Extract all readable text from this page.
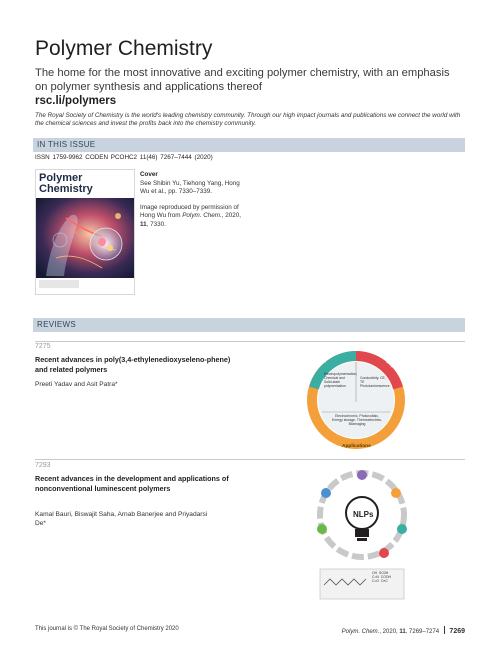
Polymer Chemistry
The home for the most innovative and exciting polymer chemistry, with an emphasis on polymer synthesis and applications thereof
rsc.li/polymers
The Royal Society of Chemistry is the world's leading chemistry community. Through our high impact journals and publications we connect the world with the chemical sciences and invest the profits back into the chemistry community.
IN THIS ISSUE
ISSN 1759-9962 CODEN PCOHC2 11(46) 7267–7444 (2020)
Polymer Chemistry
Cover
See Shibin Yu, Tiehong Yang, Hong Wu et al., pp. 7330–7339.
Image reproduced by permission of Hong Wu from Polym. Chem., 2020, 11, 7330.
REVIEWS
7275
Recent advances in poly(3,4-ethylenedioxyseleno-phene) and related polymers
Preeti Yadav and Asit Patra*
Synthesis
Doping
Applications
Electropolymerisation, Chemical and Solid-state polymerisation
Conductivity, CE, TE Photoluminescence
Electrochromic, Photovoltaic, Energy storage, Thermoelectrics, Bioimaging
7293
Recent advances in the development and applications of nonconventional luminescent polymers
Kamal Bauri, Biswajit Saha, Arnab Banerjee and Priyadarsi De*
NLPs
OH  SO3H
C=N  COOH
C=O  C≡C
This journal is © The Royal Society of Chemistry 2020	Polym. Chem., 2020, 11, 7269–7274 7269
